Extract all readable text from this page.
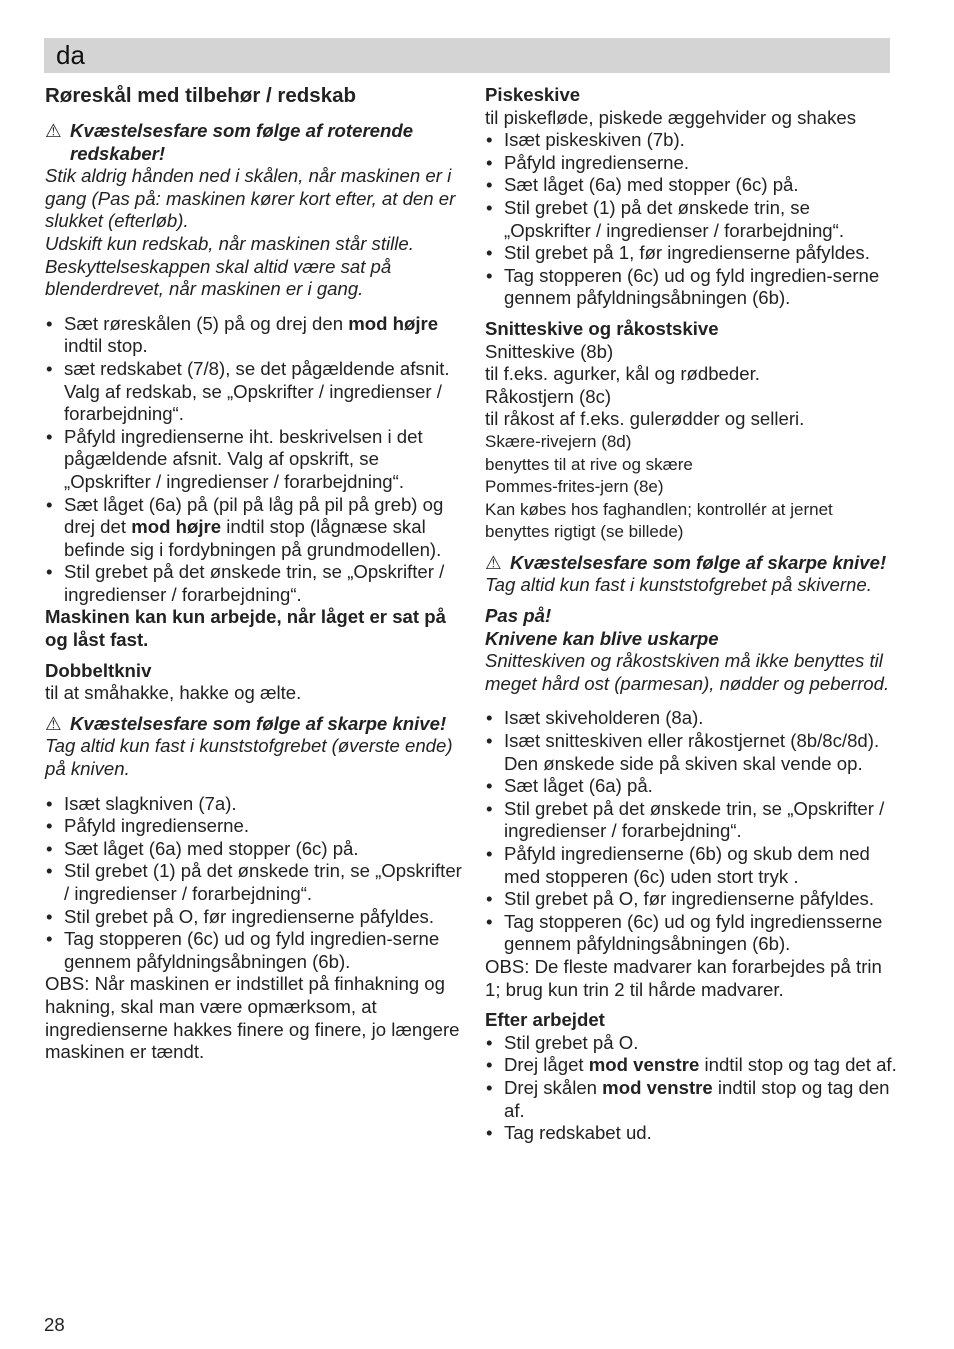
da

Røreskål med tilbehør / redskab

⚠ Kvæstelsesfare som følge af roterende redskaber!

Stik aldrig hånden ned i skålen, når maskinen er i gang (Pas på: maskinen kører kort efter, at den er slukket (efterløb).

Udskift kun redskab, når maskinen står stille. Beskyttelseskappen skal altid være sat på blenderdrevet, når maskinen er i gang.

• Sæt røreskålen (5) på og drej den mod højre indtil stop.
• sæt redskabet (7/8), se det pågældende afsnit. Valg af redskab, se „Opskrifter / ingredienser / forarbejdning“.
• Påfyld ingredienserne iht. beskrivelsen i det pågældende afsnit. Valg af opskrift, se „Opskrifter / ingredienser / forarbejdning“.
• Sæt låget (6a) på (pil på låg på pil på greb) og drej det mod højre indtil stop (lågnæse skal befinde sig i fordybningen på grundmodellen).
• Stil grebet på det ønskede trin, se „Opskrifter / ingredienser / forarbejdning“.

Maskinen kan kun arbejde, når låget er sat på og låst fast.

Dobbeltkniv

til at småhakke, hakke og ælte.

⚠ Kvæstelsesfare som følge af skarpe knive!

Tag altid kun fast i kunststofgrebet (øverste ende) på kniven.

• Isæt slagkniven (7a).
• Påfyld ingredienserne.
• Sæt låget (6a) med stopper (6c) på.
• Stil grebet (1) på det ønskede trin, se „Opskrifter / ingredienser / forarbejdning“.
• Stil grebet på O, før ingredienserne påfyldes.
• Tag stopperen (6c) ud og fyld ingredien-serne gennem påfyldningsåbningen (6b).

OBS: Når maskinen er indstillet på finhakning og hakning, skal man være opmærksom, at ingredienserne hakkes finere og finere, jo længere maskinen er tændt.

Piskeskive

til piskefløde, piskede æggehvider og shakes

• Isæt piskeskiven (7b).
• Påfyld ingredienserne.
• Sæt låget (6a) med stopper (6c) på.
• Stil grebet (1) på det ønskede trin, se „Opskrifter / ingredienser / forarbejdning“.
• Stil grebet på 1, før ingredienserne påfyldes.
• Tag stopperen (6c) ud og fyld ingredien-serne gennem påfyldningsåbningen (6b).

Snitteskive og råkostskive

Snitteskive (8b)

til f.eks. agurker, kål og rødbeder.

Råkostjern (8c)

til råkost af f.eks. gulerødder og selleri.

Skære-rivejern (8d)

benyttes til at rive og skære

Pommes-frites-jern (8e)

Kan købes hos faghandlen; kontrollér at jernet benyttes rigtigt (se billede)

⚠ Kvæstelsesfare som følge af skarpe knive!

Tag altid kun fast i kunststofgrebet på skiverne.

Pas på!

Knivene kan blive uskarpe

Snitteskiven og råkostskiven må ikke benyttes til meget hård ost (parmesan), nødder og peberrod.

• Isæt skiveholderen (8a).
• Isæt snitteskiven eller råkostjernet (8b/8c/8d).
Den ønskede side på skiven skal vende op.
• Sæt låget (6a) på.
• Stil grebet på det ønskede trin, se „Opskrifter / ingredienser / forarbejdning“.
• Påfyld ingredienserne (6b) og skub dem ned med stopperen (6c) uden stort tryk .
• Stil grebet på O, før ingredienserne påfyldes.
• Tag stopperen (6c) ud og fyld ingrediensserne gennem påfyldningsåbningen (6b).

OBS: De fleste madvarer kan forarbejdes på trin 1; brug kun trin 2 til hårde madvarer.

Efter arbejdet

• Stil grebet på O.
• Drej låget mod venstre indtil stop og tag det af.
• Drej skålen mod venstre indtil stop og tag den af.
• Tag redskabet ud.
28
